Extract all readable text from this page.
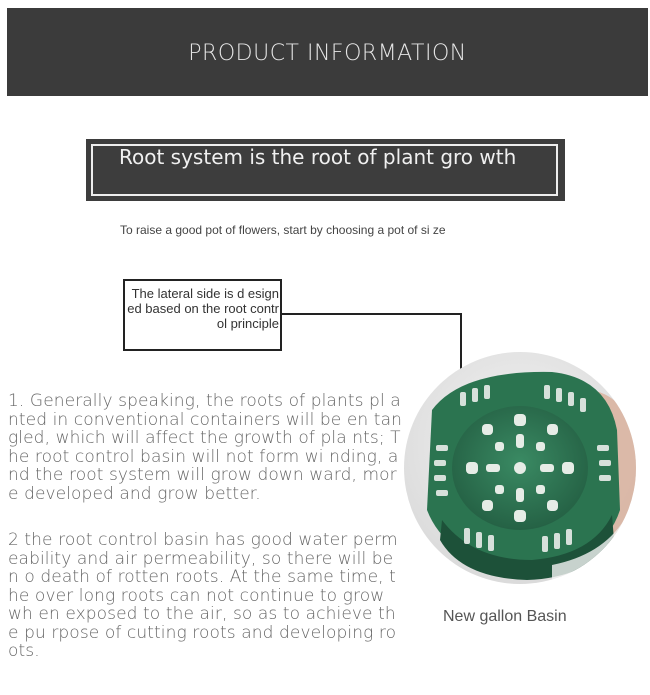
PRODUCT INFORMATION
Root system is the root of plant gro wth
To raise a good pot of flowers, start by choosing a pot of si ze
The lateral side is d esigned based on the root control principle
1. Generally speaking, the roots of plants pl anted in conventional containers will be en tangled, which will affect the growth of pla nts; The root control basin will not form wi nding, and the root system will grow down ward, more developed and grow better.
2 the root control basin has good water perm eability and air permeability, so there will be n o death of rotten roots. At the same time, the over long roots can not continue to grow wh en exposed to the air, so as to achieve the pu rpose of cutting roots and developing roots.
New gallon Basin
